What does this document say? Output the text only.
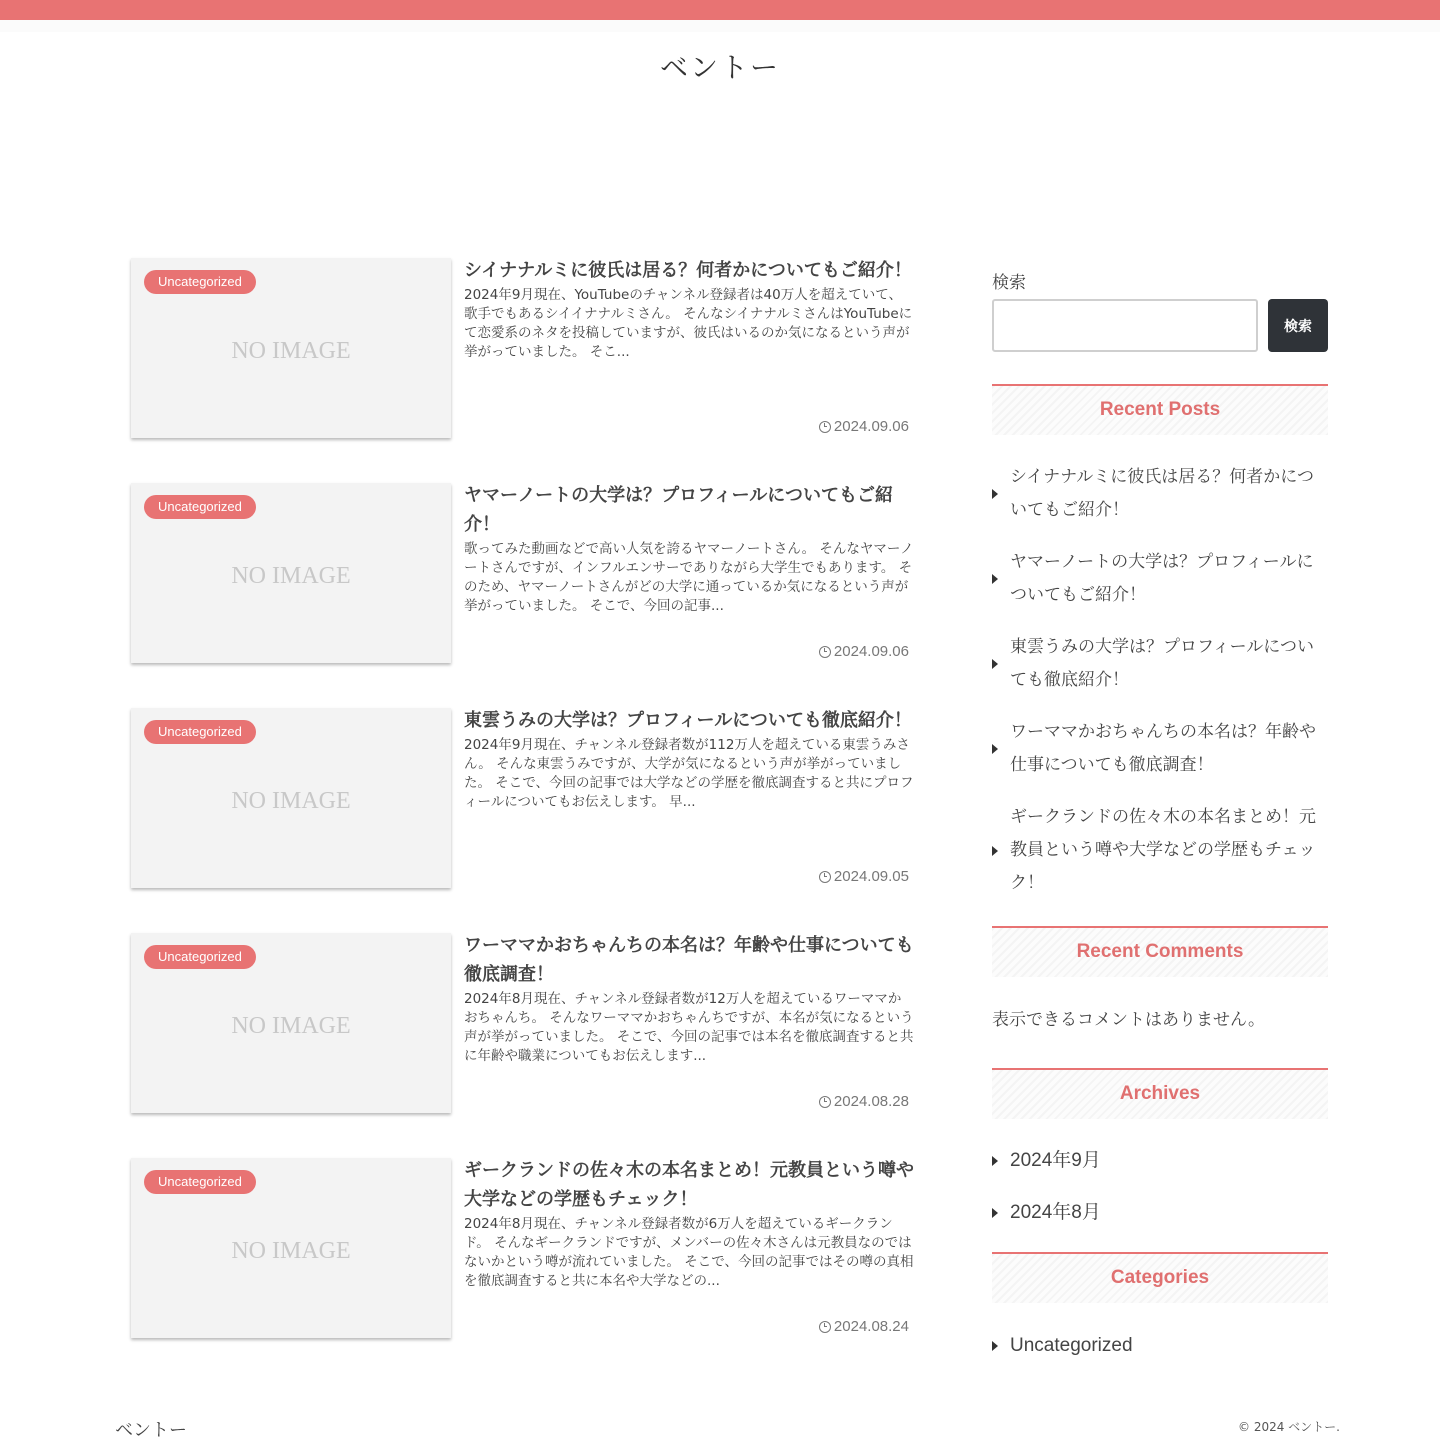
ベントー
Uncategorized
NO IMAGE
シイナナルミに彼氏は居る？何者かについてもご紹介！

2024年9月現在、YouTubeのチャンネル登録者は40万人を超えていて、歌手でもあるシイイナナルミさん。 そんなシイナナルミさんはYouTubeにて恋愛系のネタを投稿していますが、彼氏はいるのか気になるという声が挙がっていました。 そこ...

2024.09.06
Uncategorized
NO IMAGE
ヤマーノートの大学は？プロフィールについてもご紹介！

歌ってみた動画などで高い人気を誇るヤマーノートさん。 そんなヤマーノートさんですが、インフルエンサーでありながら大学生でもあります。 そのため、ヤマーノートさんがどの大学に通っているか気になるという声が挙がっていました。 そこで、今回の記事...

2024.09.06
Uncategorized
NO IMAGE
東雲うみの大学は？プロフィールについても徹底紹介！

2024年9月現在、チャンネル登録者数が112万人を超えている東雲うみさん。 そんな東雲うみですが、大学が気になるという声が挙がっていました。 そこで、今回の記事では大学などの学歴を徹底調査すると共にプロフィールについてもお伝えします。 早...

2024.09.05
Uncategorized
NO IMAGE
ワーママかおちゃんちの本名は？年齢や仕事についても徹底調査！

2024年8月現在、チャンネル登録者数が12万人を超えているワーママかおちゃんち。 そんなワーママかおちゃんちですが、本名が気になるという声が挙がっていました。 そこで、今回の記事では本名を徹底調査すると共に年齢や職業についてもお伝えします...

2024.08.28
Uncategorized
NO IMAGE
ギークランドの佐々木の本名まとめ！元教員という噂や大学などの学歴もチェック！

2024年8月現在、チャンネル登録者数が6万人を超えているギークランド。 そんなギークランドですが、メンバーの佐々木さんは元教員なのではないかという噂が流れていました。 そこで、今回の記事ではその噂の真相を徹底調査すると共に本名や大学などの...

2024.08.24
検索
検索
Recent Posts
シイナナルミに彼氏は居る？何者かについてもご紹介！
ヤマーノートの大学は？プロフィールについてもご紹介！
東雲うみの大学は？プロフィールについても徹底紹介！
ワーママかおちゃんちの本名は？年齢や仕事についても徹底調査！
ギークランドの佐々木の本名まとめ！元教員という噂や大学などの学歴もチェック！
Recent Comments

表示できるコメントはありません。

Archives
2024年9月
2024年8月
Categories
Uncategorized
ベントー	© 2024 ベントー.
